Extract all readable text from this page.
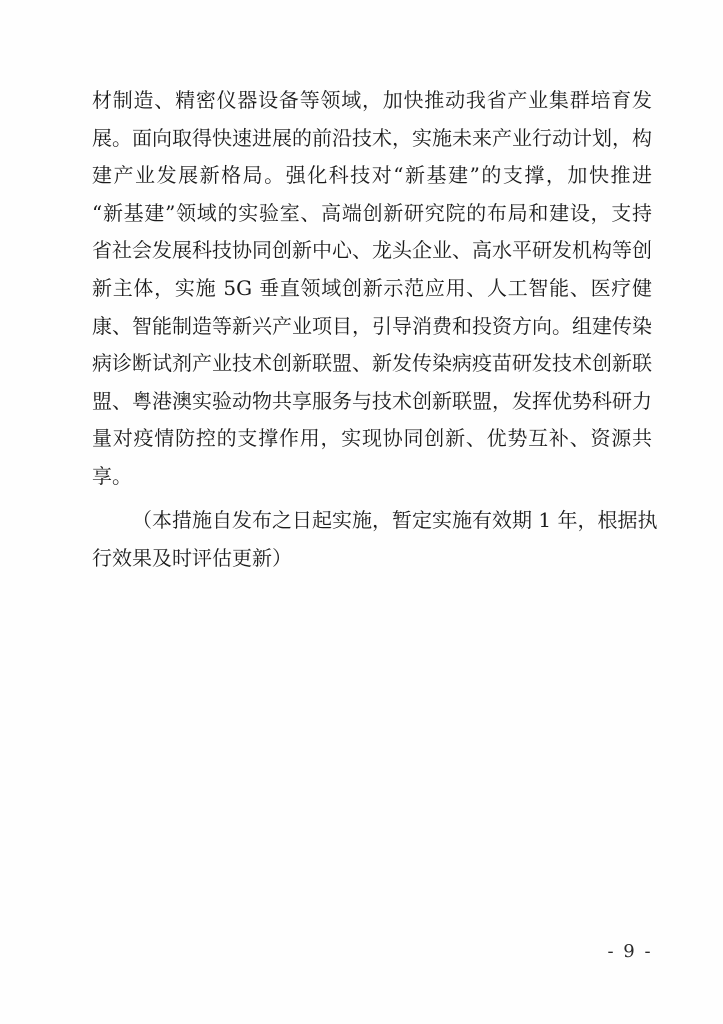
材制造、精密仪器设备等领域，加快推动我省产业集群培育发
展。面向取得快速进展的前沿技术，实施未来产业行动计划，构
建产业发展新格局。强化科技对“新基建”的支撑，加快推进
“新基建”领域的实验室、高端创新研究院的布局和建设，支持
省社会发展科技协同创新中心、龙头企业、高水平研发机构等创
新主体，实施 5G 垂直领域创新示范应用、人工智能、医疗健
康、智能制造等新兴产业项目，引导消费和投资方向。组建传染
病诊断试剂产业技术创新联盟、新发传染病疫苗研发技术创新联
盟、粤港澳实验动物共享服务与技术创新联盟，发挥优势科研力
量对疫情防控的支撑作用，实现协同创新、优势互补、资源共
享。
（本措施自发布之日起实施，暂定实施有效期 1 年，根据执
行效果及时评估更新）
- 9 -
